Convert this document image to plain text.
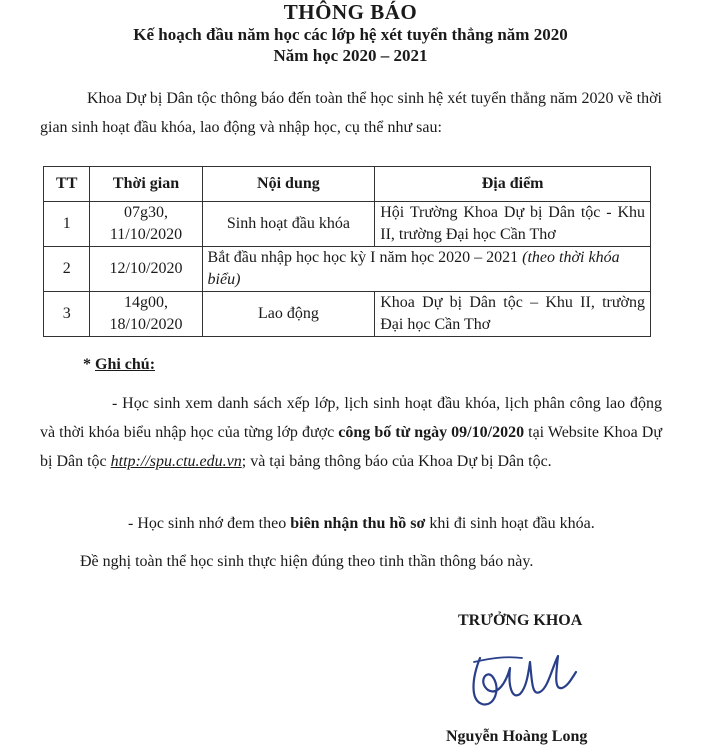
THÔNG BÁO
Kế hoạch đầu năm học các lớp hệ xét tuyển thẳng năm 2020
Năm học 2020 – 2021
Khoa Dự bị Dân tộc thông báo đến toàn thể học sinh hệ xét tuyển thẳng năm 2020 về thời gian sinh hoạt đầu khóa, lao động và nhập học, cụ thể như sau:
TT	Thời gian	Nội dung	Địa điểm
1	07g30, 11/10/2020	Sinh hoạt đầu khóa	Hội Trường Khoa Dự bị Dân tộc - Khu II, trường Đại học Cần Thơ
2	12/10/2020	Bắt đầu nhập học học kỳ I năm học 2020 – 2021 (theo thời khóa biểu)	
3	14g00, 18/10/2020	Lao động	Khoa Dự bị Dân tộc – Khu II, trường Đại học Cần Thơ
* Ghi chú:
- Học sinh xem danh sách xếp lớp, lịch sinh hoạt đầu khóa, lịch phân công lao động và thời khóa biểu nhập học của từng lớp được công bố từ ngày 09/10/2020 tại Website Khoa Dự bị Dân tộc http://spu.ctu.edu.vn; và tại bảng thông báo của Khoa Dự bị Dân tộc.
- Học sinh nhớ đem theo biên nhận thu hồ sơ khi đi sinh hoạt đầu khóa.
Đề nghị toàn thể học sinh thực hiện đúng theo tinh thần thông báo này.
TRƯỞNG KHOA
Nguyễn Hoàng Long
